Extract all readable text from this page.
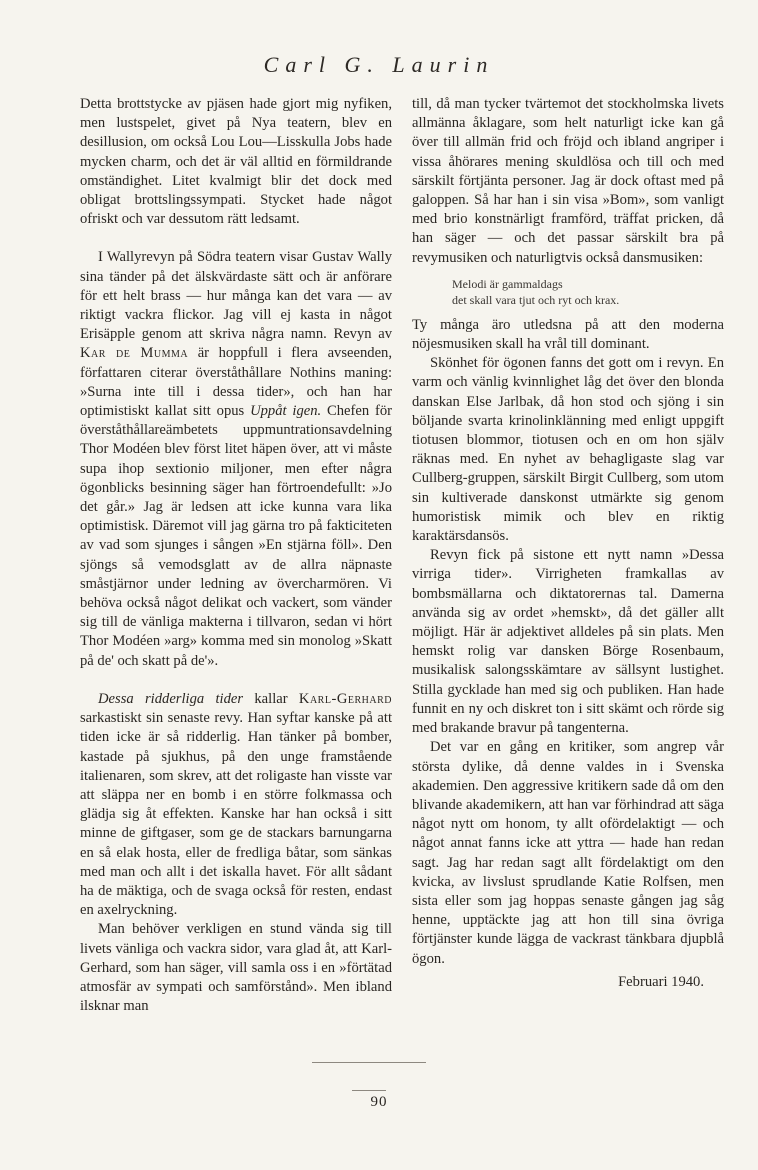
Carl G. Laurin

Detta brottstycke av pjäsen hade gjort mig nyfiken, men lustspelet, givet på Nya teatern, blev en desillusion, om också Lou Lou—Lisskulla Jobs hade mycken charm, och det är väl alltid en förmildrande omständighet. Litet kvalmigt blir det dock med obligat brottslingssympati. Stycket hade något ofriskt och var dessutom rätt ledsamt.

I Wallyrevyn på Södra teatern visar Gustav Wally sina tänder på det älskvärdaste sätt och är anförare för ett helt brass — hur många kan det vara — av riktigt vackra flickor. Jag vill ej kasta in något Erisäpple genom att skriva några namn. Revyn av Kar de Mumma är hoppfull i flera avseenden, författaren citerar överståthållare Nothins maning: »Surna inte till i dessa tider», och han har optimistiskt kallat sitt opus Uppåt igen. Chefen för överståthållareämbetets uppmuntrationsavdelning Thor Modéen blev först litet häpen över, att vi måste supa ihop sextionio miljoner, men efter några ögonblicks besinning säger han förtroendefullt: »Jo det går.» Jag är ledsen att icke kunna vara lika optimistisk. Däremot vill jag gärna tro på fakticiteten av vad som sjunges i sången »En stjärna föll». Den sjöngs så vemodsglatt av de allra näpnaste småstjärnor under ledning av övercharmören. Vi behöva också något delikat och vackert, som vänder sig till de vänliga makterna i tillvaron, sedan vi hört Thor Modéen »arg» komma med sin monolog »Skatt på de' och skatt på de'».

Dessa ridderliga tider kallar Karl-Gerhard sarkastiskt sin senaste revy. Han syftar kanske på att tiden icke är så ridderlig. Han tänker på bomber, kastade på sjukhus, på den unge framstående italienaren, som skrev, att det roligaste han visste var att släppa ner en bomb i en större folkmassa och glädja sig åt effekten. Kanske har han också i sitt minne de giftgaser, som ge de stackars barnungarna en så elak hosta, eller de fredliga båtar, som sänkas med man och allt i det iskalla havet. För allt sådant ha de mäktiga, och de svaga också för resten, endast en axelryckning.

Man behöver verkligen en stund vända sig till livets vänliga och vackra sidor, vara glad åt, att Karl-Gerhard, som han säger, vill samla oss i en »förtätad atmosfär av sympati och samförstånd». Men ibland ilsknar man

till, då man tycker tvärtemot det stockholmska livets allmänna åklagare, som helt naturligt icke kan gå över till allmän frid och fröjd och ibland angriper i vissa åhörares mening skuldlösa och till och med särskilt förtjänta personer. Jag är dock oftast med på galoppen. Så har han i sin visa »Bom», som vanligt med brio konstnärligt framförd, träffat pricken, då han säger — och det passar särskilt bra på revymusiken och naturligtvis också dansmusiken:

Melodi är gammaldags
det skall vara tjut och ryt och krax.

Ty många äro utledsna på att den moderna nöjesmusiken skall ha vrål till dominant.

Skönhet för ögonen fanns det gott om i revyn. En varm och vänlig kvinnlighet låg det över den blonda danskan Else Jarlbak, då hon stod och sjöng i sin böljande svarta krinolinklänning med enligt uppgift tiotusen blommor, tiotusen och en om hon själv räknas med. En nyhet av behagligaste slag var Cullberg-gruppen, särskilt Birgit Cullberg, som utom sin kultiverade danskonst utmärkte sig genom humoristisk mimik och blev en riktig karaktärsdansös.

Revyn fick på sistone ett nytt namn »Dessa virriga tider». Virrigheten framkallas av bombsmällarna och diktatorernas tal. Damerna använda sig av ordet »hemskt», då det gäller allt möjligt. Här är adjektivet alldeles på sin plats. Men hemskt rolig var dansken Börge Rosenbaum, musikalisk salongsskämtare av sällsynt lustighet. Stilla gycklade han med sig och publiken. Han hade funnit en ny och diskret ton i sitt skämt och rörde sig med brakande bravur på tangenterna.

Det var en gång en kritiker, som angrep vår största dylike, då denne valdes in i Svenska akademien. Den aggressive kritikern sade då om den blivande akademikern, att han var förhindrad att säga något nytt om honom, ty allt ofördelaktigt — och något annat fanns icke att yttra — hade han redan sagt. Jag har redan sagt allt fördelaktigt om den kvicka, av livslust sprudlande Katie Rolfsen, men sista eller som jag hoppas senaste gången jag såg henne, upptäckte jag att hon till sina övriga förtjänster kunde lägga de vackrast tänkbara djupblå ögon.

Februari 1940.

90
